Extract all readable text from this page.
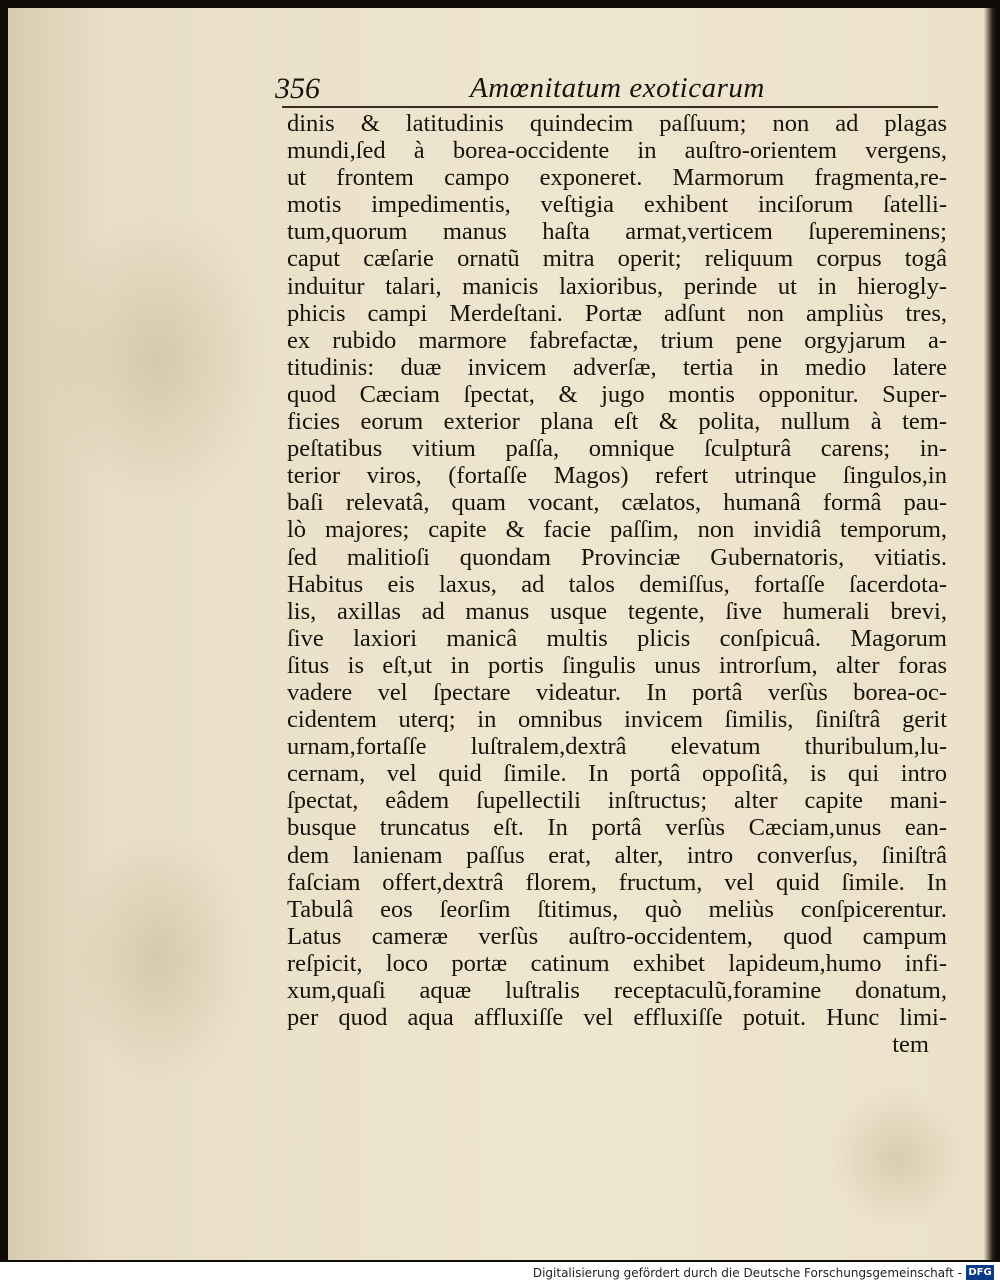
356	Amœnitatum exoticarum
dinis & latitudinis quindecim paſſuum; non ad plagas
mundi,ſed à borea-occidente in auſtro-orientem vergens,
ut frontem campo exponeret. Marmorum fragmenta,re-
motis impedimentis, veſtigia exhibent inciſorum ſatelli-
tum,quorum manus haſta armat,verticem ſupereminens;
caput cæſarie ornatũ mitra operit; reliquum corpus togâ
induitur talari, manicis laxioribus, perinde ut in hierogly-
phicis campi Merdeſtani. Portæ adſunt non ampliùs tres,
ex rubido marmore fabrefactæ, trium pene orgyjarum a-
titudinis: duæ invicem adverſæ, tertia in medio latere
quod Cæciam ſpectat, & jugo montis opponitur. Super-
ficies eorum exterior plana eſt & polita, nullum à tem-
peſtatibus vitium paſſa, omnique ſculpturâ carens; in-
terior viros, (fortaſſe Magos) refert utrinque ſingulos,in
baſi relevatâ, quam vocant, cælatos, humanâ formâ pau-
lò majores; capite & facie paſſim, non invidiâ temporum,
ſed malitioſi quondam Provinciæ Gubernatoris, vitiatis.
Habitus eis laxus, ad talos demiſſus, fortaſſe ſacerdota-
lis, axillas ad manus usque tegente, ſive humerali brevi,
ſive laxiori manicâ multis plicis conſpicuâ. Magorum
ſitus is eſt,ut in portis ſingulis unus introrſum, alter foras
vadere vel ſpectare videatur. In portâ verſùs borea-oc-
cidentem uterq; in omnibus invicem ſimilis, ſiniſtrâ gerit
urnam,fortaſſe luſtralem,dextrâ elevatum thuribulum,lu-
cernam, vel quid ſimile. In portâ oppoſitâ, is qui intro
ſpectat, eâdem ſupellectili inſtructus; alter capite mani-
busque truncatus eſt. In portâ verſùs Cæciam,unus ean-
dem lanienam paſſus erat, alter, intro converſus, ſiniſtrâ
faſciam offert,dextrâ florem, fructum, vel quid ſimile. In
Tabulâ eos ſeorſim ſtitimus, quò meliùs conſpicerentur.
Latus cameræ verſùs auſtro-occidentem, quod campum
reſpicit, loco portæ catinum exhibet lapideum,humo infi-
xum,quaſi aquæ luſtralis receptaculũ,foramine donatum,
per quod aqua affluxiſſe vel effluxiſſe potuit. Hunc limi-
tem
Digitalisierung gefördert durch die Deutsche Forschungsgemeinschaft - DFG
